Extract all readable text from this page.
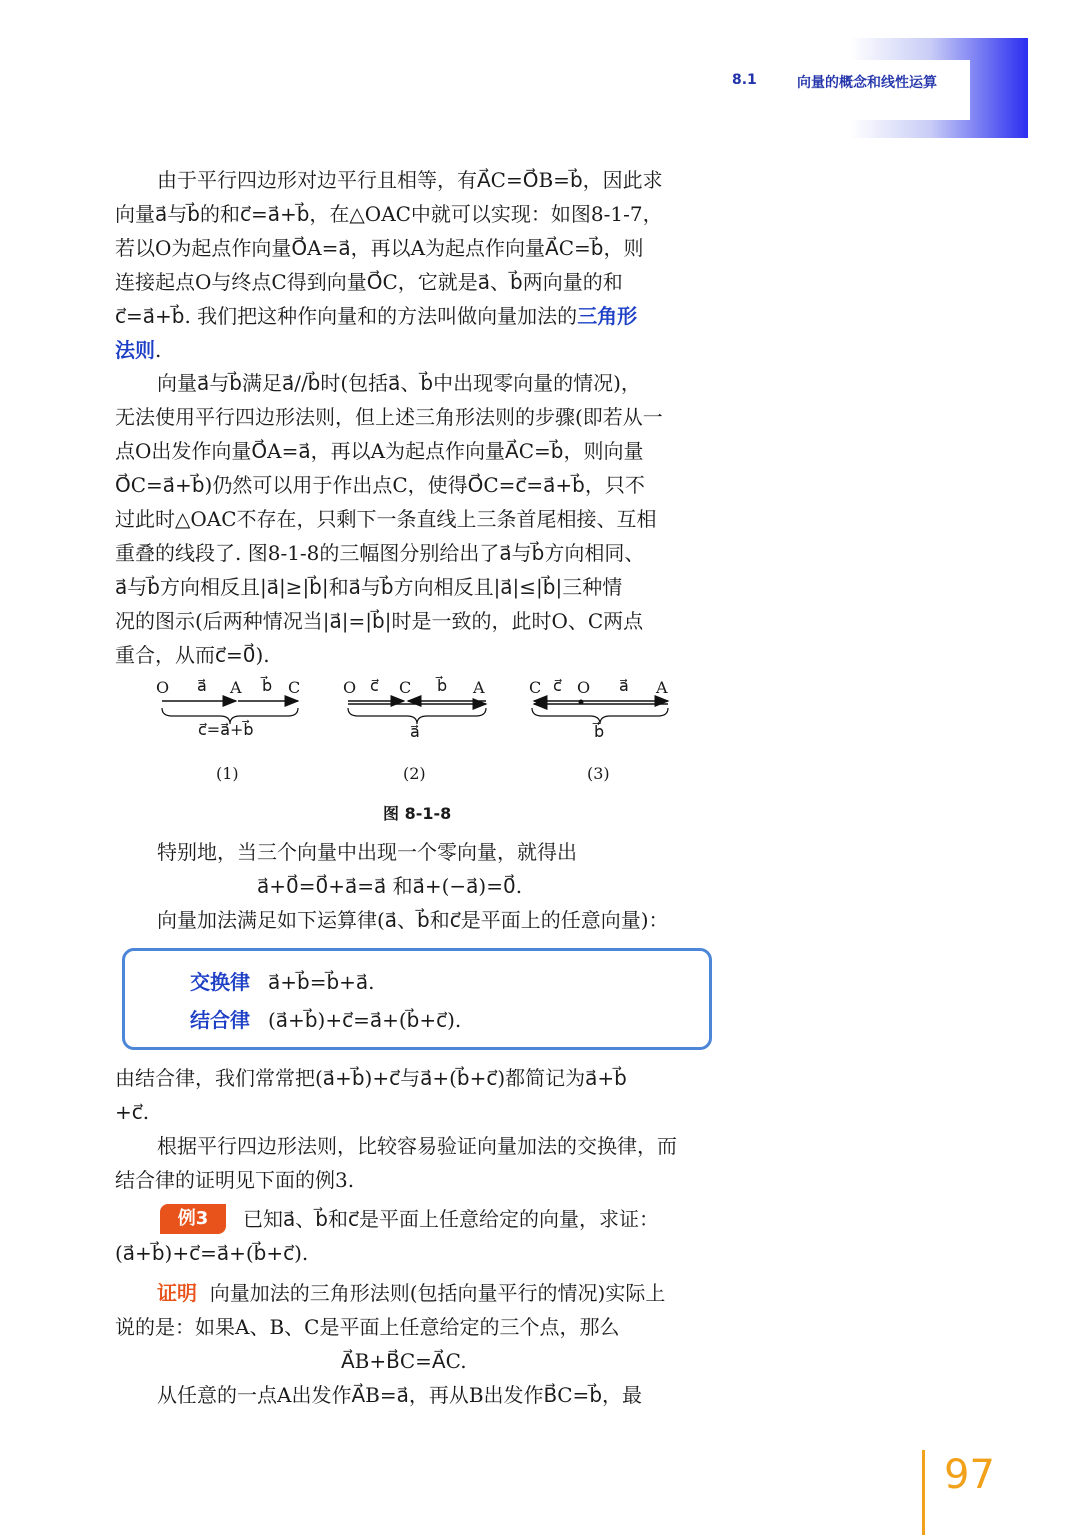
8.1	向量的概念和线性运算
由于平行四边形对边平行且相等，有A⃗C=O⃗B=b⃗，因此求
向量a⃗与b⃗的和c⃗=a⃗+b⃗，在△OAC中就可以实现：如图8-1-7，
若以O为起点作向量O⃗A=a⃗，再以A为起点作向量A⃗C=b⃗，则
连接起点O与终点C得到向量O⃗C，它就是a⃗、b⃗两向量的和
c⃗=a⃗+b⃗. 我们把这种作向量和的方法叫做向量加法的三角形
法则.
向量a⃗与b⃗满足a⃗//b⃗时(包括a⃗、b⃗中出现零向量的情况)，
无法使用平行四边形法则，但上述三角形法则的步骤(即若从一
点O出发作向量O⃗A=a⃗，再以A为起点作向量A⃗C=b⃗，则向量
O⃗C=a⃗+b⃗)仍然可以用于作出点C，使得O⃗C=c⃗=a⃗+b⃗，只不
过此时△OAC不存在，只剩下一条直线上三条首尾相接、互相
重叠的线段了. 图8-1-8的三幅图分别给出了a⃗与b⃗方向相同、
a⃗与b⃗方向相反且|a⃗|≥|b⃗|和a⃗与b⃗方向相反且|a⃗|≤|b⃗|三种情
况的图示(后两种情况当|a⃗|=|b⃗|时是一致的，此时O、C两点
重合，从而c⃗=0⃗).
O a⃗ A b⃗ C
c⃗=a⃗+b⃗
(1)
O c⃗ C b⃗ A
a⃗
(2)
C c⃗ O a⃗ A
b⃗
(3)
图 8-1-8
特别地，当三个向量中出现一个零向量，就得出
a⃗+0⃗=0⃗+a⃗=a⃗ 和a⃗+(−a⃗)=0⃗.
向量加法满足如下运算律(a⃗、b⃗和c⃗是平面上的任意向量)：
交换律 a⃗+b⃗=b⃗+a⃗.
结合律 (a⃗+b⃗)+c⃗=a⃗+(b⃗+c⃗).
由结合律，我们常常把(a⃗+b⃗)+c⃗与a⃗+(b⃗+c⃗)都简记为a⃗+b⃗
+c⃗.
根据平行四边形法则，比较容易验证向量加法的交换律，而
结合律的证明见下面的例3.
例3	已知a⃗、b⃗和c⃗是平面上任意给定的向量，求证：
(a⃗+b⃗)+c⃗=a⃗+(b⃗+c⃗).
证明 向量加法的三角形法则(包括向量平行的情况)实际上
说的是：如果A、B、C是平面上任意给定的三个点，那么
A⃗B+B⃗C=A⃗C.
从任意的一点A出发作A⃗B=a⃗，再从B出发作B⃗C=b⃗，最
97
